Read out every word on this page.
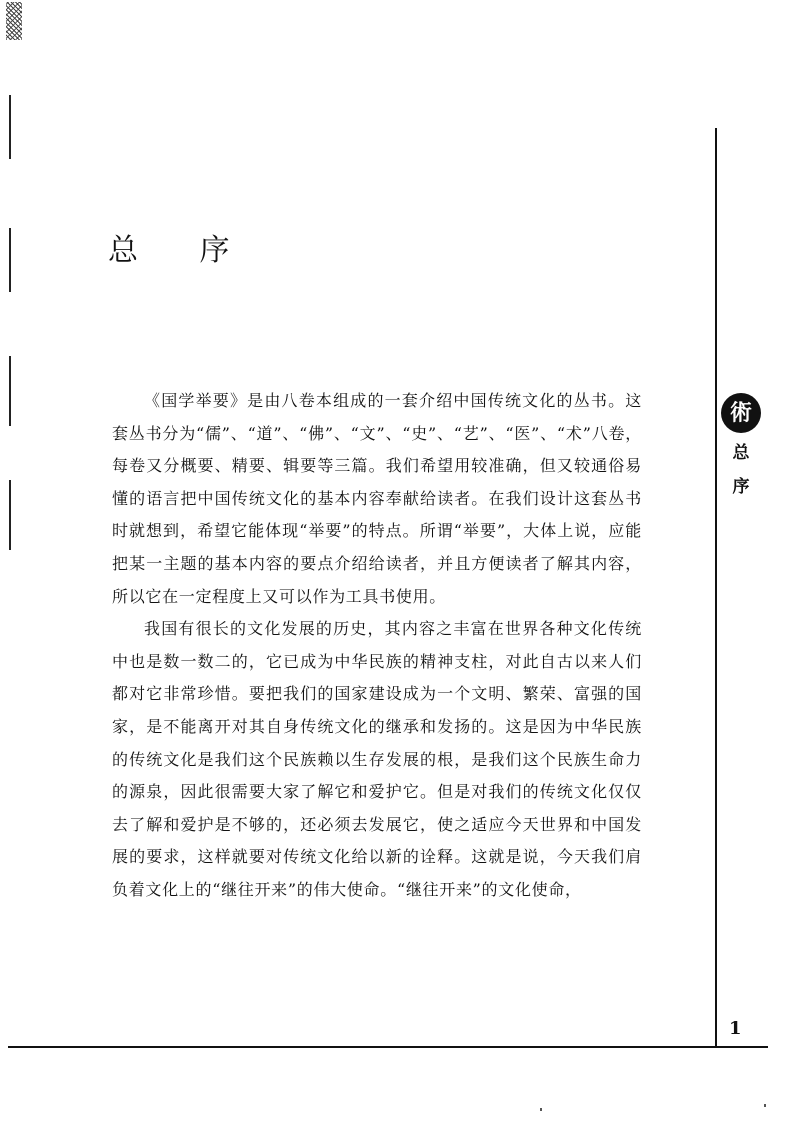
总 序

《国学举要》是由八卷本组成的一套介绍中国传统文化的丛书。这套丛书分为“儒”、“道”、“佛”、“文”、“史”、“艺”、“医”、“术”八卷，每卷又分概要、精要、辑要等三篇。我们希望用较准确，但又较通俗易懂的语言把中国传统文化的基本内容奉献给读者。在我们设计这套丛书时就想到，希望它能体现“举要”的特点。所谓“举要”，大体上说，应能把某一主题的基本内容的要点介绍给读者，并且方便读者了解其内容，所以它在一定程度上又可以作为工具书使用。

我国有很长的文化发展的历史，其内容之丰富在世界各种文化传统中也是数一数二的，它已成为中华民族的精神支柱，对此自古以来人们都对它非常珍惜。要把我们的国家建设成为一个文明、繁荣、富强的国家，是不能离开对其自身传统文化的继承和发扬的。这是因为中华民族的传统文化是我们这个民族赖以生存发展的根，是我们这个民族生命力的源泉，因此很需要大家了解它和爱护它。但是对我们的传统文化仅仅去了解和爱护是不够的，还必须去发展它，使之适应今天世界和中国发展的要求，这样就要对传统文化给以新的诠释。这就是说，今天我们肩负着文化上的“继往开来”的伟大使命。“继往开来”的文化使命，

術
总
序
1
